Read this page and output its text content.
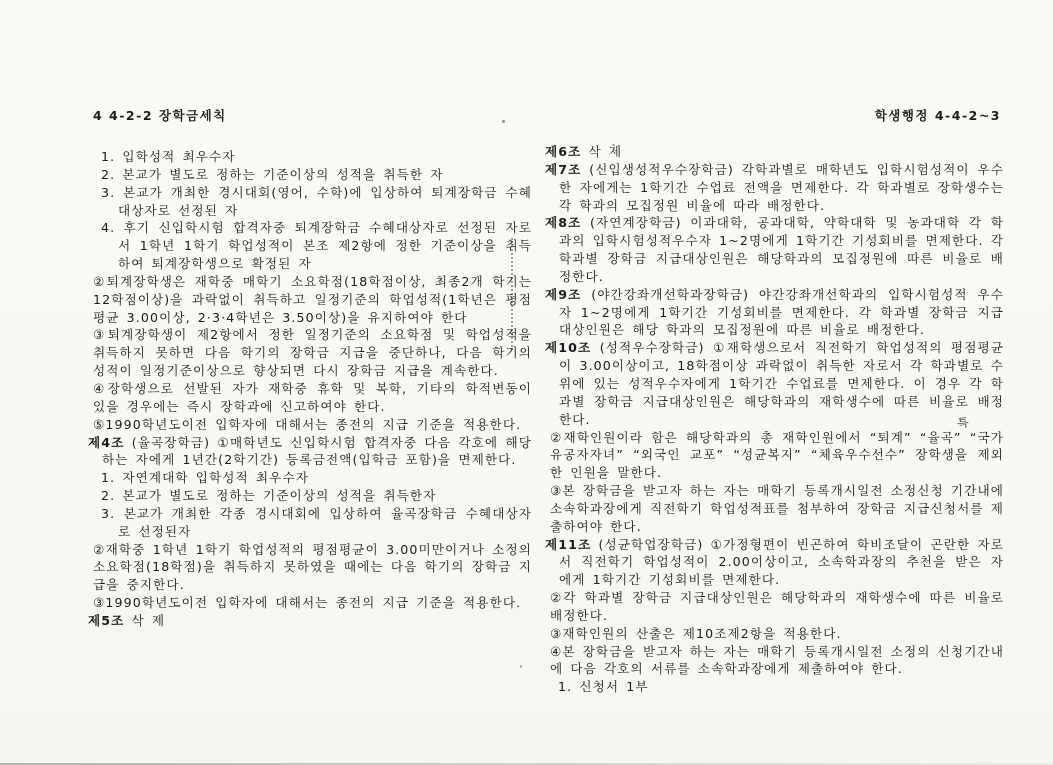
4 4-2-2 장학금세칙	학생행정 4-4-2~3
1. 입학성적 최우수자
2. 본교가 별도로 정하는 기준이상의 성적을 취득한 자
3. 본교가 개최한 경시대회(영어, 수학)에 입상하여 퇴계장학금 수혜대상자로 선정된 자
4. 후기 신입학시험 합격자중 퇴계장학금 수혜대상자로 선정된 자로서 1학년 1학기 학업성적이 본조 제2항에 정한 기준이상을 취득하여 퇴계장학생으로 확정된 자
②퇴계장학생은 재학중 매학기 소요학점(18학점이상, 최종2개 학기는 12학점이상)을 과락없이 취득하고 일정기준의 학업성적(1학년은 평점평균 3.00이상, 2·3·4학년은 3.50이상)을 유지하여야 한다
③퇴계장학생이 제2항에서 정한 일정기준의 소요학점 및 학업성적을 취득하지 못하면 다음 학기의 장학금 지급을 중단하나, 다음 학기의 성적이 일정기준이상으로 향상되면 다시 장학금 지급을 계속한다.
④장학생으로 선발된 자가 재학중 휴학 및 복학, 기타의 학적변동이 있을 경우에는 즉시 장학과에 신고하여야 한다.
⑤1990학년도이전 입학자에 대해서는 종전의 지급 기준을 적용한다.
제4조 (율곡장학금) ①매학년도 신입학시험 합격자중 다음 각호에 해당하는 자에게 1년간(2학기간) 등록금전액(입학금 포함)을 면제한다.
1. 자연계대학 입학성적 최우수자
2. 본교가 별도로 정하는 기준이상의 성적을 취득한자
3. 본교가 개최한 각종 경시대회에 입상하여 율곡장학금 수혜대상자로 선정된자
②재학중 1학년 1학기 학업성적의 평점평균이 3.00미만이거나 소정의 소요학점(18학점)을 취득하지 못하였을 때에는 다음 학기의 장학금 지급을 중지한다.
③1990학년도이전 입학자에 대해서는 종전의 지급 기준을 적용한다.
제5조 삭 제
제6조 삭 제
제7조 (신입생성적우수장학금) 각학과별로 매학년도 입학시험성적이 우수한 자에게는 1학기간 수업료 전액을 면제한다. 각 학과별로 장학생수는 각 학과의 모집정원 비율에 따라 배정한다.
제8조 (자연계장학금) 이과대학, 공과대학, 약학대학 및 농과대학 각 학과의 입학시험성적우수자 1~2명에게 1학기간 기성회비를 면제한다. 각 학과별 장학금 지급대상인원은 해당학과의 모집정원에 따른 비율로 배정한다.
제9조 (야간강좌개선학과장학금) 야간강좌개선학과의 입학시험성적 우수자 1~2명에게 1학기간 기성회비를 면제한다. 각 학과별 장학금 지급대상인원은 해당 학과의 모집정원에 따른 비율로 배정한다.
제10조 (성적우수장학금) ①재학생으로서 직전학기 학업성적의 평점평균이 3.00이상이고, 18학점이상 과락없이 취득한 자로서 각 학과별로 수위에 있는 성적우수자에게 1학기간 수업료를 면제한다. 이 경우 각 학과별 장학금 지급대상인원은 해당학과의 재학생수에 따른 비율로 배정한다.
②재학인원이라 함은 해당학과의 총 재학인원에서 “퇴계” “율곡” “국가유공자자녀” “외국인 교포” “성균복지” “체육우수선수” 장학생을 제외한 인원을 말한다.
③본 장학금을 받고자 하는 자는 매학기 등록개시일전 소정신청 기간내에 소속학과장에게 직전학기 학업성적표를 첨부하여 장학금 지급신청서를 제출하여야 한다.
제11조 (성균학업장학금) ①가정형편이 빈곤하여 학비조달이 곤란한 자로서 직전학기 학업성적이 2.00이상이고, 소속학과장의 추천을 받은 자에게 1학기간 기성회비를 면제한다.
②각 학과별 장학금 지급대상인원은 해당학과의 재학생수에 따른 비율로 배정한다.
③재학인원의 산출은 제10조제2항을 적용한다.
④본 장학금을 받고자 하는 자는 매학기 등록개시일전 소정의 신청기간내에 다음 각호의 서류를 소속학과장에게 제출하여야 한다.
1. 신청서 1부
특
